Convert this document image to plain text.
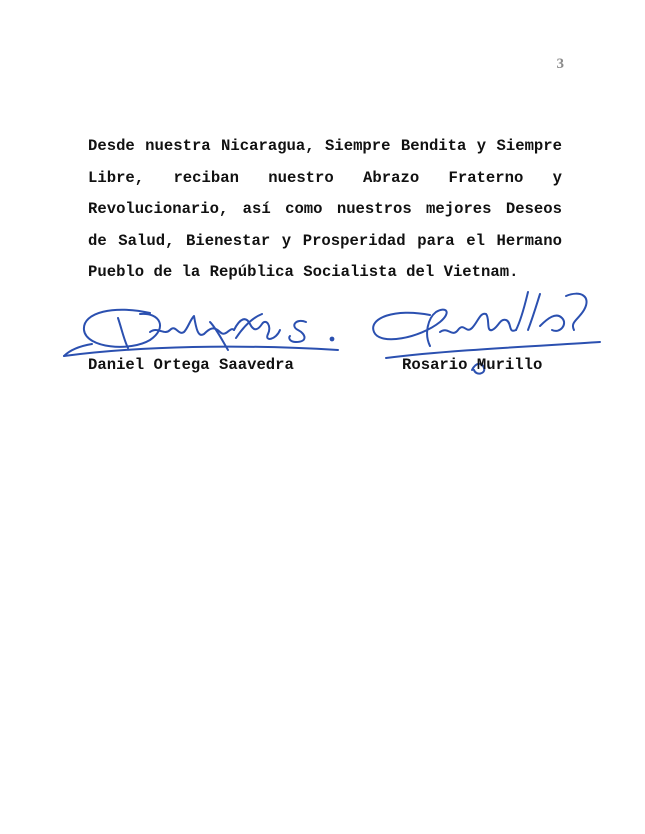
3

Desde nuestra Nicaragua, Siempre Bendita y Siempre Libre, reciban nuestro Abrazo Fraterno y Revolucionario, así como nuestros mejores Deseos de Salud, Bienestar y Prosperidad para el Hermano Pueblo de la República Socialista del Vietnam.

Daniel Ortega Saavedra	Rosario Murillo
